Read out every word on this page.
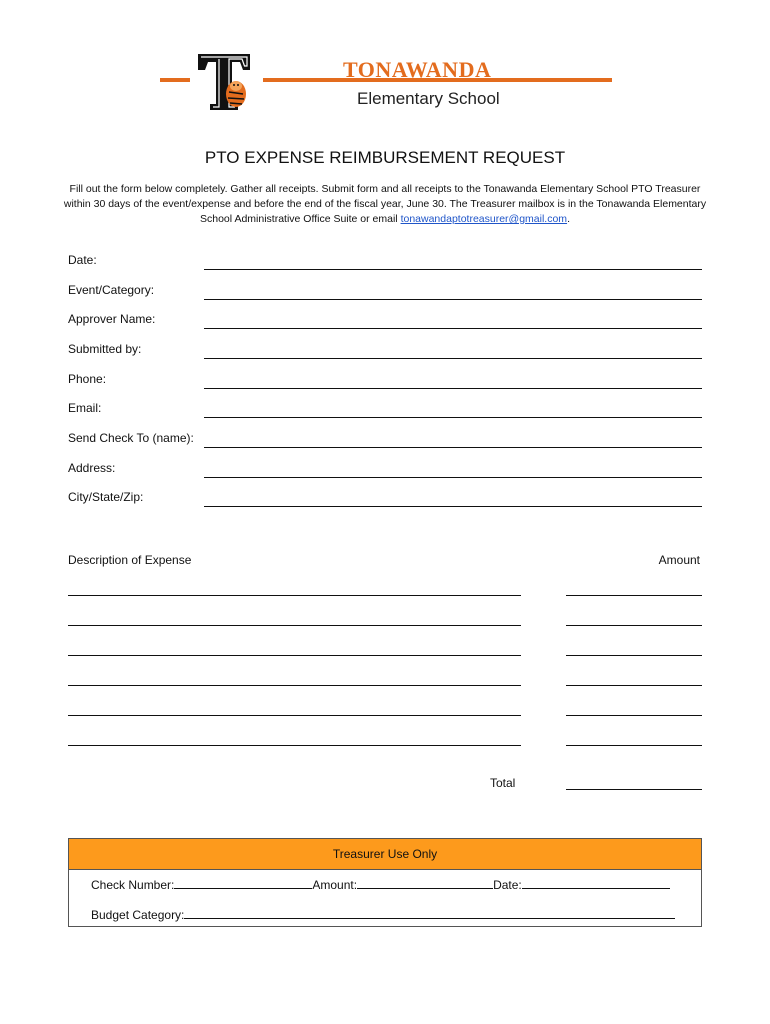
TONAWANDA
Elementary School
PTO EXPENSE REIMBURSEMENT REQUEST
Fill out the form below completely. Gather all receipts. Submit form and all receipts to the Tonawanda Elementary School PTO Treasurer within 30 days of the event/expense and before the end of the fiscal year, June 30. The Treasurer mailbox is in the Tonawanda Elementary School Administrative Office Suite or email tonawandaptotreasurer@gmail.com.
Date:
Event/Category:
Approver Name:
Submitted by:
Phone:
Email:
Send Check To (name):
Address:
City/State/Zip:
Description of Expense	Amount
Total
Treasurer Use Only
Check Number:	Amount:	Date:
Budget Category:
